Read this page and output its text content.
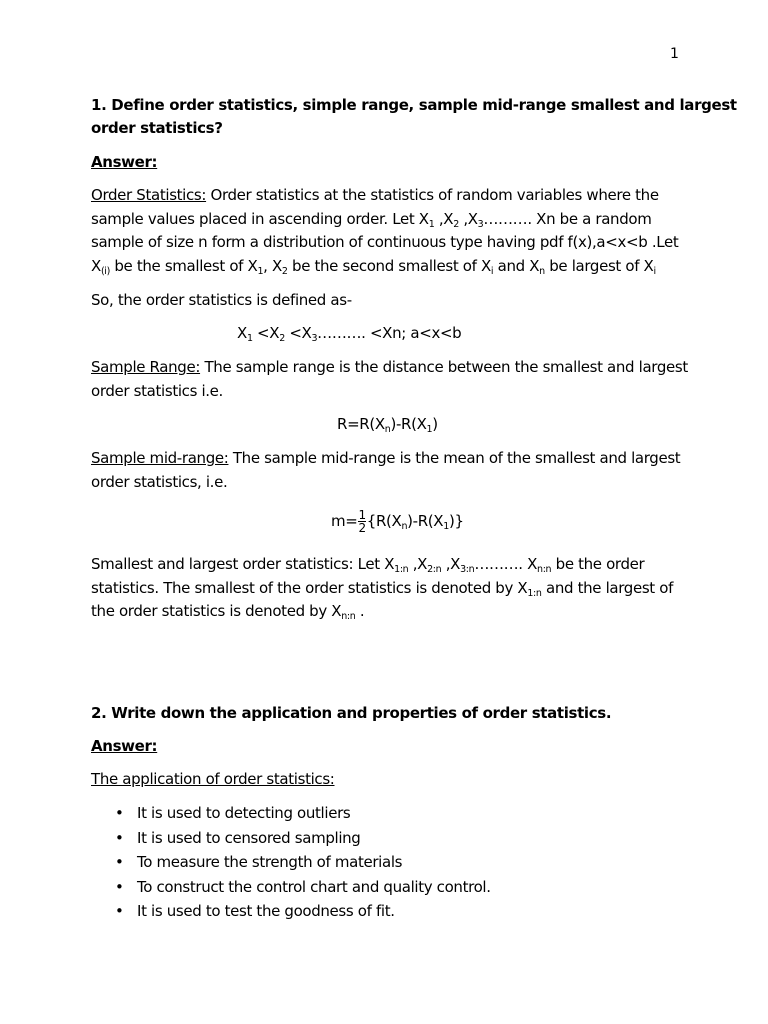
1
1. Define order statistics, simple range, sample mid-range smallest and largest
order statistics?
Answer:
Order Statistics: Order statistics at the statistics of random variables where the
sample values placed in ascending order. Let $X_1$ $,X_2$ $,X_3\dots\dots\dots$. Xn be a random
sample of size n form a distribution of continuous type having pdf f(x),a<x<b .Let
$X_{(i)}$ be the smallest of $X_1$, $X_2$ be the second smallest of $X_i$ and $X_n$ be largest of $X_i$
So, the order statistics is defined as-
$X_1 <X_2$ $<X_3\dots\dots\dots$. <Xn; a<x<b
Sample Range: The sample range is the distance between the smallest and largest
order statistics i.e.
$R=R(X_n)-R(X_1)$
Sample mid-range: The sample mid-range is the mean of the smallest and largest
order statistics, i.e.
$m=\frac{1}{2} \{R(X_n)-R(X_1)\}$
Smallest and largest order statistics: Let $X_{1:n}$ $,X_{2:n}$ $,X_{3:n}\dots\dots\dots$. $X_{n:n}$ be the order
statistics. The smallest of the order statistics is denoted by $X_{1:n}$ and the largest of
the order statistics is denoted by $X_{n:n}$ .
2. Write down the application and properties of order statistics.
Answer:
The application of order statistics:
• It is used to detecting outliers
• It is used to censored sampling
• To measure the strength of materials
• To construct the control chart and quality control.
• It is used to test the goodness of fit.
